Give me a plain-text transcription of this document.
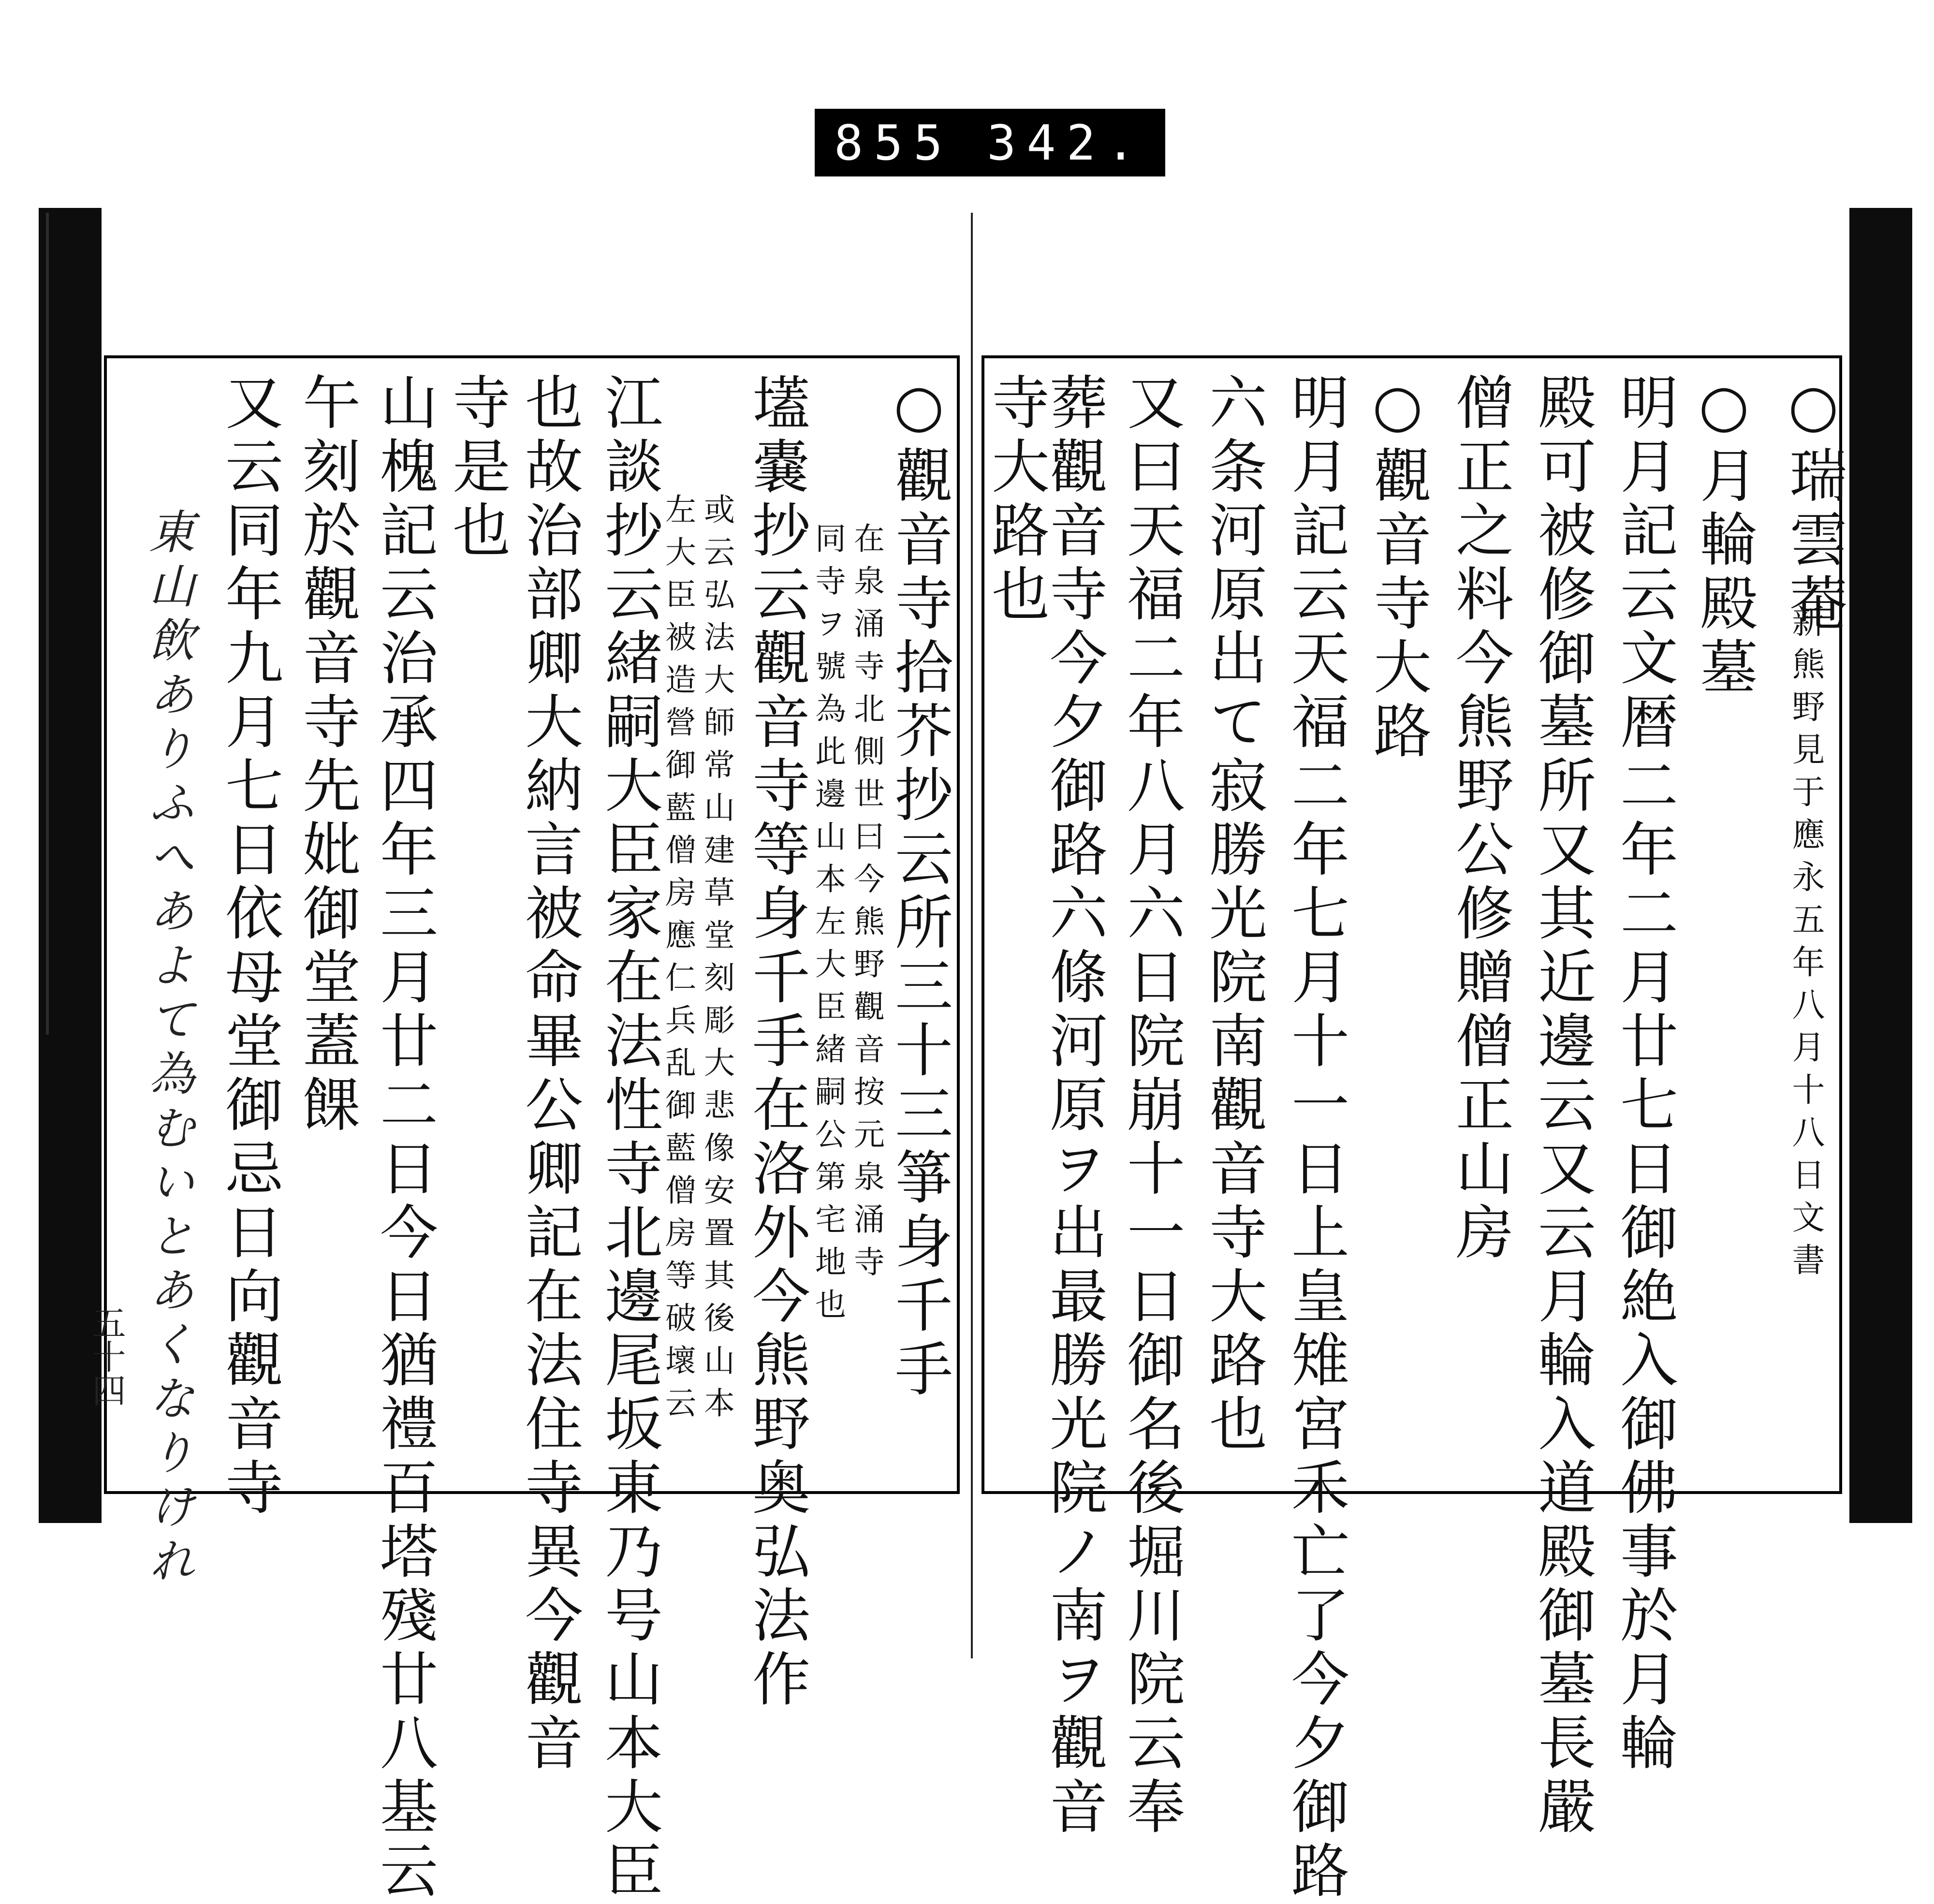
855 342.
○瑞雲菴
新熊野見于應永五年八月十八日文書
○月輪殿墓
明月記云文暦二年二月廿七日御絶入御佛事於月輪
殿可被修御墓所又其近邊云又云月輪入道殿御墓長嚴
僧正之料今熊野公修贈僧正山房
○觀音寺大路
明月記云天福二年七月十一日上皇雉宮禾亡了今夕御路
六条河原出て寂勝光院南觀音寺大路也
又曰天福二年八月六日院崩十一日御名後堀川院云奉
葬觀音寺今夕御路六條河原ヲ出最勝光院ノ南ヲ觀音
寺大路也
○觀音寺拾芥抄云所三十三箏身千手
在泉涌寺北側世曰今熊野觀音按元泉涌寺
同寺ヲ號為此邊山本左大臣緒嗣公第宅地也
壒嚢抄云觀音寺等身千手在洛外今熊野奥弘法作
或云弘法大師常山建草堂刻彫大悲像安置其後山本
左大臣被造營御藍僧房應仁兵乱御藍僧房等破壞云
江談抄云緒嗣大臣家在法性寺北邊尾坂東乃号山本大臣
也故治部卿大納言被命畢公卿記在法住寺異今觀音
寺是也
山槐記云治承四年三月廿二日今日猶禮百塔殘廿八基云
午刻於觀音寺先妣御堂蓋餜
又云同年九月七日依母堂御忌日向觀音寺
東山飲ありふへあよて為むいとあくなりけれ
五十四
